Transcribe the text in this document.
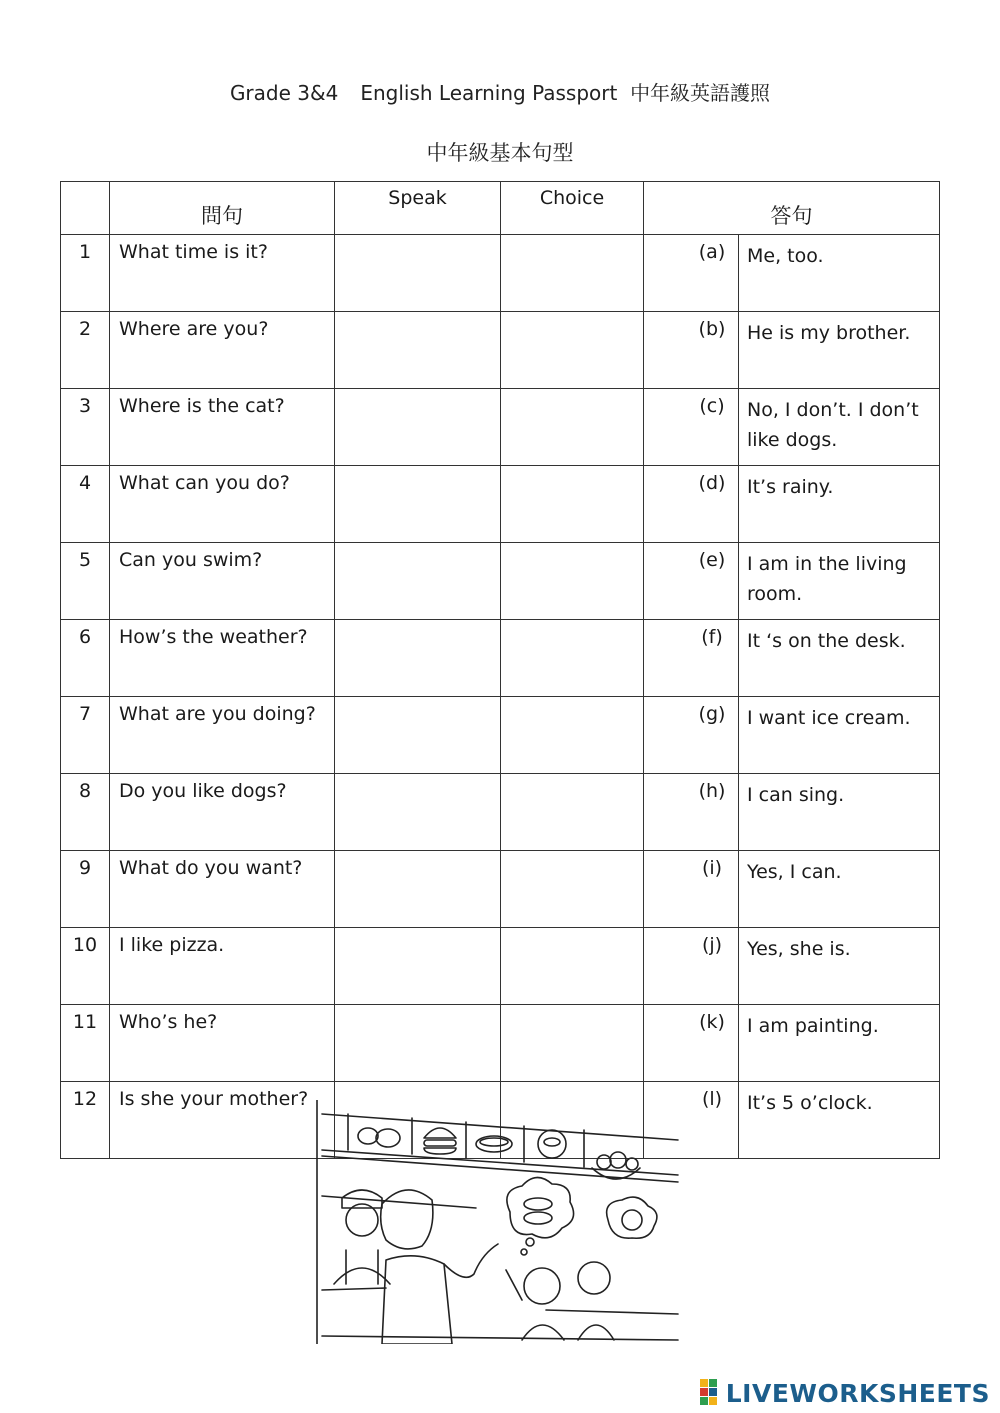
Grade 3&4 English Learning Passport 中年級英語護照
中年級基本句型
	問句	Speak	Choice	答句	
1	What time is it?			(a)	Me, too.
2	Where are you?			(b)	He is my brother.
3	Where is the cat?			(c)	No, I don’t. I don’t like dogs.
4	What can you do?			(d)	It’s rainy.
5	Can you swim?			(e)	I am in the living room.
6	How’s the weather?			(f)	It ‘s on the desk.
7	What are you doing?			(g)	I want ice cream.
8	Do you like dogs?			(h)	I can sing.
9	What do you want?			(i)	Yes, I can.
10	I like pizza.			(j)	Yes, she is.
11	Who’s he?			(k)	I am painting.
12	Is she your mother?			(l)	It’s 5 o’clock.
LIVEWORKSHEETS
